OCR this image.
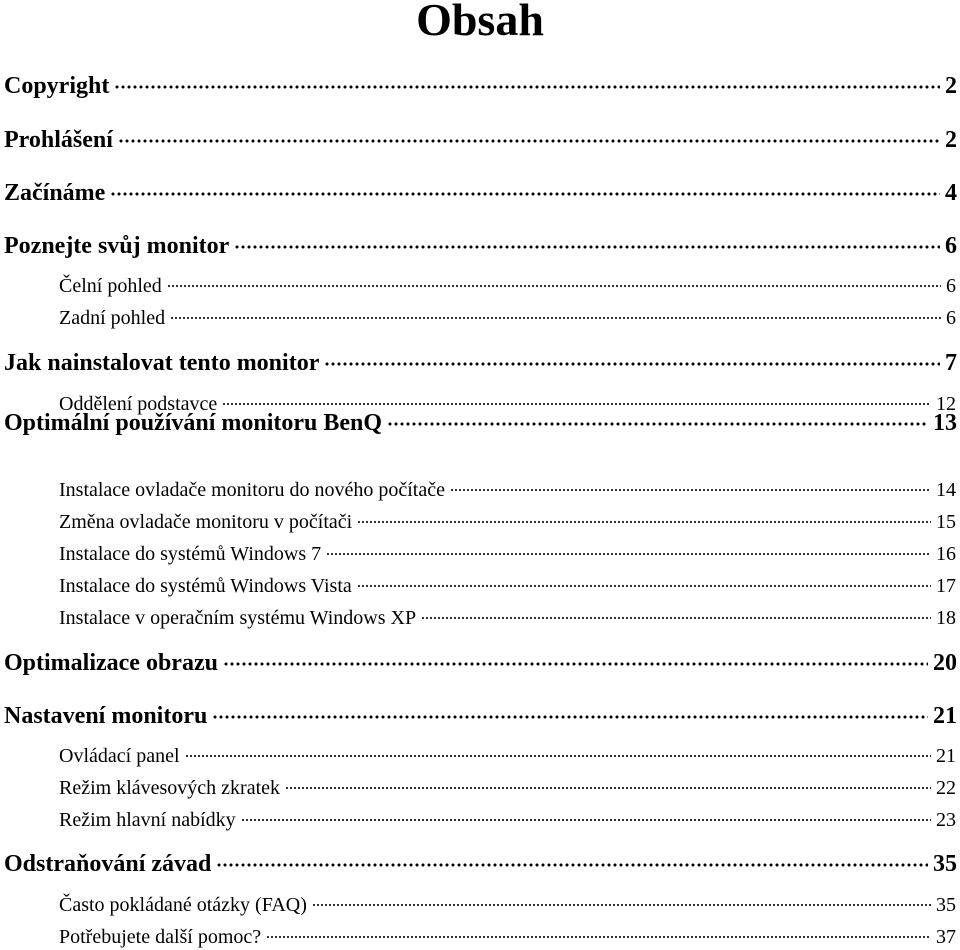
Obsah
Copyright	2
Prohlášení	2
Začínáme	4
Poznejte svůj monitor	6
Čelní pohled	6
Zadní pohled	6
Jak nainstalovat tento monitor	7
Oddělení podstavce	12
Optimální používání monitoru BenQ	13
Instalace ovladače monitoru do nového počítače	14
Změna ovladače monitoru v počítači	15
Instalace do systémů Windows 7	16
Instalace do systémů Windows Vista	17
Instalace v operačním systému Windows XP	18
Optimalizace obrazu	20
Nastavení monitoru	21
Ovládací panel	21
Režim klávesových zkratek	22
Režim hlavní nabídky	23
Odstraňování závad	35
Často pokládané otázky (FAQ)	35
Potřebujete další pomoc?	37
